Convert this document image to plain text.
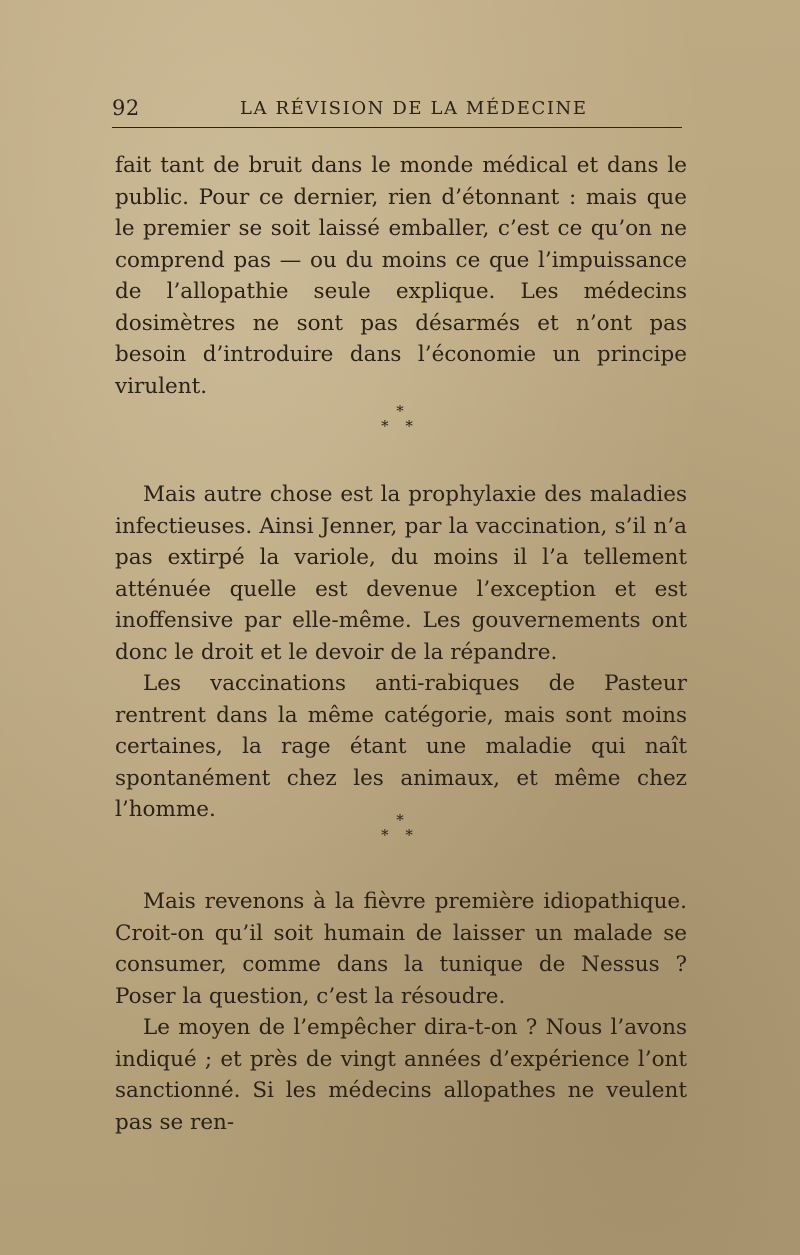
92	LA RÉVISION DE LA MÉDECINE

fait tant de bruit dans le monde médical et dans le public. Pour ce dernier, rien d’étonnant : mais que le premier se soit laissé emballer, c’est ce qu’on ne comprend pas — ou du moins ce que l’impuissance de l’allopathie seule explique. Les médecins dosimètres ne sont pas désarmés et n’ont pas besoin d’introduire dans l’économie un principe virulent.

*
* *

Mais autre chose est la prophylaxie des maladies infectieuses. Ainsi Jenner, par la vaccination, s’il n’a pas extirpé la variole, du moins il l’a tellement atténuée quelle est devenue l’exception et est inoffensive par elle-même. Les gouvernements ont donc le droit et le devoir de la répandre.

Les vaccinations anti-rabiques de Pasteur rentrent dans la même catégorie, mais sont moins certaines, la rage étant une maladie qui naît spontanément chez les animaux, et même chez l’homme.	*
* *

Mais revenons à la fièvre première idiopathique. Croit-on qu’il soit humain de laisser un malade se consumer, comme dans la tunique de Nessus ? Poser la question, c’est la résoudre.

Le moyen de l’empêcher dira-t-on ? Nous l’avons indiqué ; et près de vingt années d’expérience l’ont sanctionné. Si les médecins allopathes ne veulent pas se ren-
